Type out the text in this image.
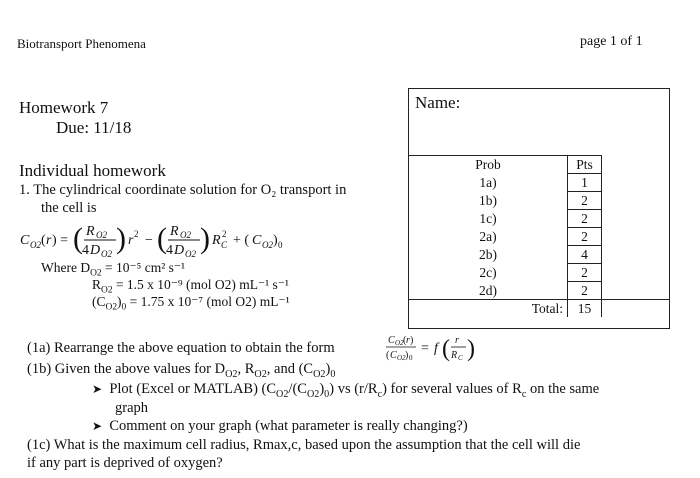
Biotransport Phenomena	page 1 of 1
Homework 7
Due: 11/18
Individual homework
Name:
Prob	Pts	
1a)	1	
1b)	2	
1c)	2	
2a)	2	
2b)	4	
2c)	2	
2d)	2	
Total:	15	
1. The cylindrical coordinate solution for O₂ transport in
the cell is
C O2 ( r ) = ( R O2
4 D O2 ) r 2 − ( R O2
4 D O2 ) R C
2 + ( C O2 ) 0
Where $D_{O2} = 10^{-5}$ cm² s⁻¹
$R_{O2} = 1.5$ x 10⁻⁹ (mol O2) mL⁻¹ s⁻¹
$(C_{O2})_0 = 1.75$ x 10⁻⁷ (mol O2) mL⁻¹
(1a) Rearrange the above equation to obtain the form	C O2 ( r )
( C O2 ) 0
= f ( r
R C )
(1b) Given the above values for $D_{O2}$, $R_{O2}$, and $(C_{O2})_0$
➤ Plot (Excel or MATLAB) $(C_{O2}/(C_{O2})_0)$ vs $(r/R_c)$ for several values of $R_c$ on the same
graph
➤ Comment on your graph (what parameter is really changing?)
(1c) What is the maximum cell radius, Rmax,c, based upon the assumption that the cell will die
if any part is deprived of oxygen?
